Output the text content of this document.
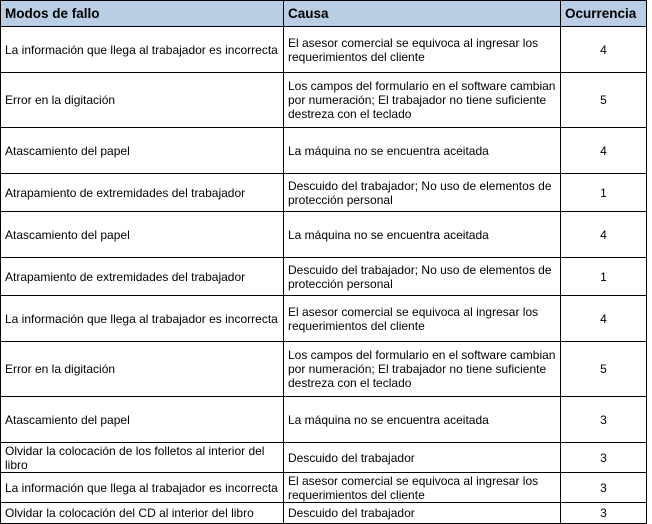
Modos de fallo	Causa	Ocurrencia
La información que llega al trabajador es incorrecta	El asesor comercial se equivoca al ingresar los requerimientos del cliente	4
Error en la digitación	Los campos del formulario en el software cambian por numeración; El trabajador no tiene suficiente destreza con el teclado	5
Atascamiento del papel	La máquina no se encuentra aceitada	4
Atrapamiento de extremidades del trabajador	Descuido del trabajador; No uso de elementos de protección personal	1
Atascamiento del papel	La máquina no se encuentra aceitada	4
Atrapamiento de extremidades del trabajador	Descuido del trabajador; No uso de elementos de protección personal	1
La información que llega al trabajador es incorrecta	El asesor comercial se equivoca al ingresar los requerimientos del cliente	4
Error en la digitación	Los campos del formulario en el software cambian por numeración; El trabajador no tiene suficiente destreza con el teclado	5
Atascamiento del papel	La máquina no se encuentra aceitada	3
Olvidar la colocación de los folletos al interior del libro	Descuido del trabajador	3
La información que llega al trabajador es incorrecta	El asesor comercial se equivoca al ingresar los requerimientos del cliente	3
Olvidar la colocación del CD al interior del libro	Descuido del trabajador	3
